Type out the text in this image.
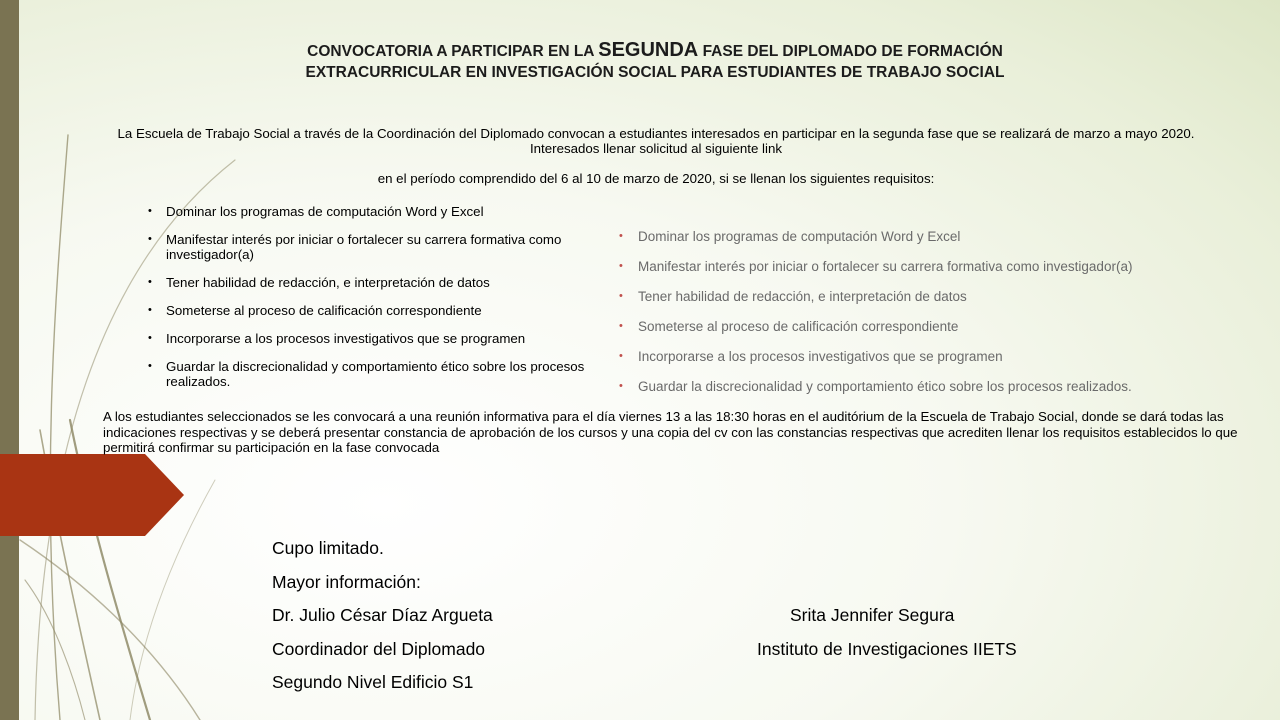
CONVOCATORIA A PARTICIPAR EN LA SEGUNDA FASE DEL DIPLOMADO DE FORMACIÓN
EXTRACURRICULAR EN INVESTIGACIÓN SOCIAL PARA ESTUDIANTES DE TRABAJO SOCIAL
La Escuela de Trabajo Social a través de la Coordinación del Diplomado convocan a estudiantes interesados en participar en la segunda fase que se realizará de marzo a mayo 2020. Interesados llenar solicitud al siguiente link
en el período comprendido del 6 al 10 de marzo de 2020, si se llenan los siguientes requisitos:
• Dominar los programas de computación Word y Excel
• Manifestar interés por iniciar o fortalecer su carrera formativa como investigador(a)
• Tener habilidad de redacción, e interpretación de datos
• Someterse al proceso de calificación correspondiente
• Incorporarse a los procesos investigativos que se programen
• Guardar la discrecionalidad y comportamiento ético sobre los procesos realizados.
• Dominar los programas de computación Word y Excel
• Manifestar interés por iniciar o fortalecer su carrera formativa como investigador(a)
• Tener habilidad de redacción, e interpretación de datos
• Someterse al proceso de calificación correspondiente
• Incorporarse a los procesos investigativos que se programen
• Guardar la discrecionalidad y comportamiento ético sobre los procesos realizados.
A los estudiantes seleccionados se les convocará a una reunión informativa para el día viernes 13 a las 18:30 horas en el auditórium de la Escuela de Trabajo Social, donde se dará todas las indicaciones respectivas y se deberá presentar constancia de aprobación de los cursos y una copia del cv con las constancias respectivas que acrediten llenar los requisitos establecidos lo que permitirá confirmar su participación en la fase convocada
Cupo limitado.
Mayor información:
Dr. Julio César Díaz Argueta
Coordinador del Diplomado
Segundo Nivel Edificio S1
Srita Jennifer Segura
Instituto de Investigaciones IIETS
